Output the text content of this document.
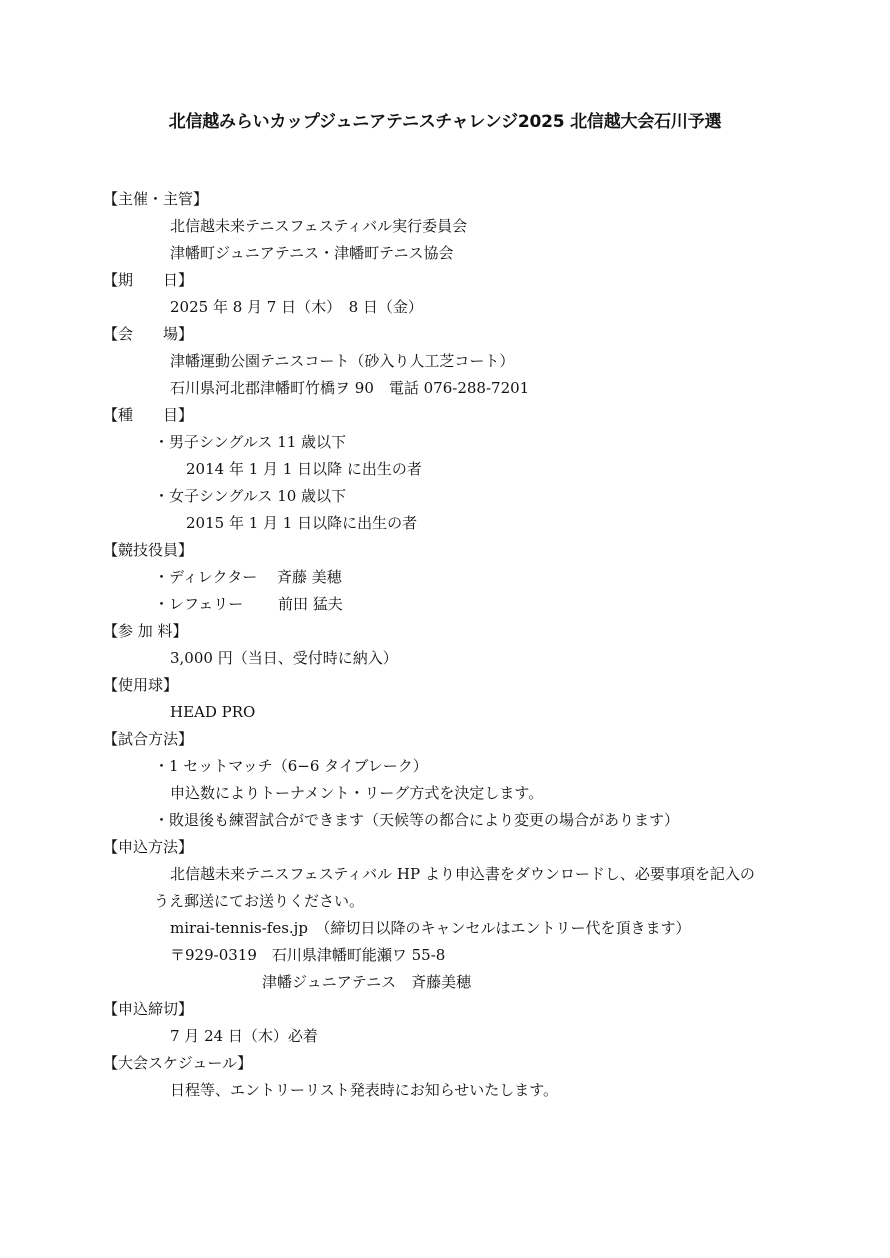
北信越みらいカップジュニアテニスチャレンジ2025 北信越大会石川予選
【主催・主管】
北信越未来テニスフェスティバル実行委員会
津幡町ジュニアテニス・津幡町テニス協会
【期　　日】
2025 年 8 月 7 日（木）　8 日（金）
【会　　場】
津幡運動公園テニスコート（砂入り人工芝コート）
石川県河北郡津幡町竹橋ヲ 90　電話 076-288-7201
【種　　目】
・男子シングルス 11 歳以下
2014 年 1 月 1 日以降 に出生の者
・女子シングルス 10 歳以下
2015 年 1 月 1 日以降に出生の者
【競技役員】
・ディレクター　 斉藤 美穂
・レフェリー　　 前田 猛夫
【参 加 料】
3,000 円（当日、受付時に納入）
【使用球】
HEAD PRO
【試合方法】
・1 セットマッチ（6−6 タイブレーク）
申込数によりトーナメント・リーグ方式を決定します。
・敗退後も練習試合ができます（天候等の都合により変更の場合があります）
【申込方法】
北信越未来テニスフェスティバル HP より申込書をダウンロードし、必要事項を記入の
うえ郵送にてお送りください。
mirai-tennis-fes.jp　（締切日以降のキャンセルはエントリー代を頂きます）
〒929-0319　石川県津幡町能瀬ワ 55-8
津幡ジュニアテニス　斉藤美穂
【申込締切】
7 月 24 日（木）必着
【大会スケジュール】
日程等、エントリーリスト発表時にお知らせいたします。
